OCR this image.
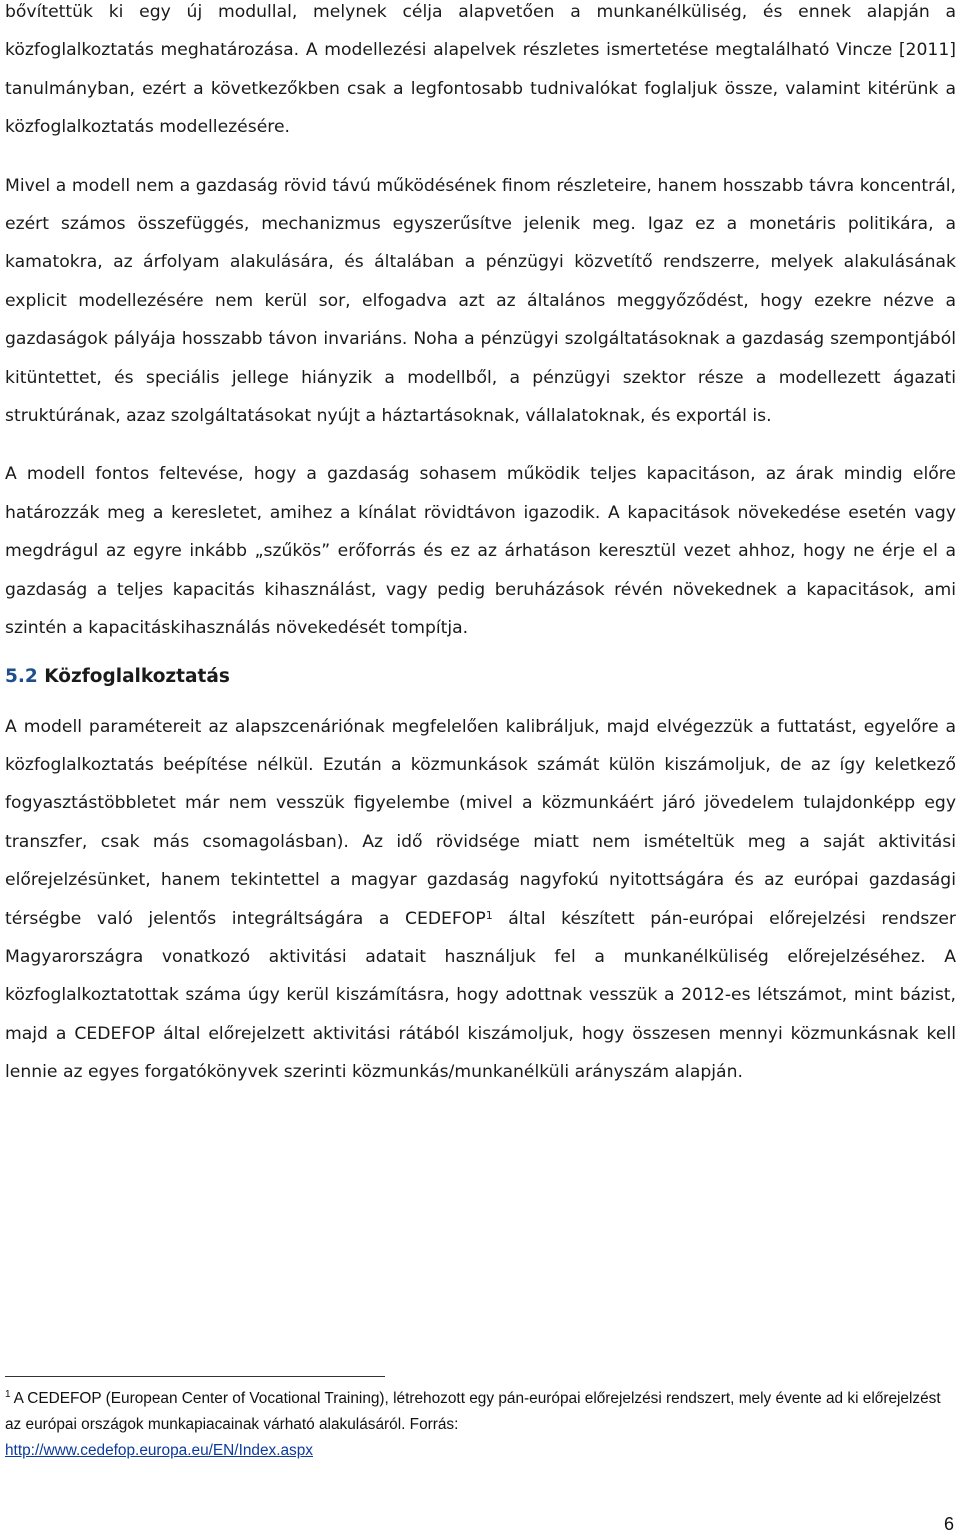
bővítettük ki egy új modullal, melynek célja alapvetően a munkanélküliség, és ennek alapján a közfoglalkoztatás meghatározása. A modellezési alapelvek részletes ismertetése megtalálható Vincze [2011] tanulmányban, ezért a következőkben csak a legfontosabb tudnivalókat foglaljuk össze, valamint kitérünk a közfoglalkoztatás modellezésére.

Mivel a modell nem a gazdaság rövid távú működésének finom részleteire, hanem hosszabb távra koncentrál, ezért számos összefüggés, mechanizmus egyszerűsítve jelenik meg. Igaz ez a monetáris politikára, a kamatokra, az árfolyam alakulására, és általában a pénzügyi közvetítő rendszerre, melyek alakulásának explicit modellezésére nem kerül sor, elfogadva azt az általános meggyőződést, hogy ezekre nézve a gazdaságok pályája hosszabb távon invariáns. Noha a pénzügyi szolgáltatásoknak a gazdaság szempontjából kitüntettet, és speciális jellege hiányzik a modellből, a pénzügyi szektor része a modellezett ágazati struktúrának, azaz szolgáltatásokat nyújt a háztartásoknak, vállalatoknak, és exportál is.

A modell fontos feltevése, hogy a gazdaság sohasem működik teljes kapacitáson, az árak mindig előre határozzák meg a keresletet, amihez a kínálat rövidtávon igazodik. A kapacitások növekedése esetén vagy megdrágul az egyre inkább „szűkös” erőforrás és ez az árhatáson keresztül vezet ahhoz, hogy ne érje el a gazdaság a teljes kapacitás kihasználást, vagy pedig beruházások révén növekednek a kapacitások, ami szintén a kapacitáskihasználás növekedését tompítja.

5.2 Közfoglalkoztatás

A modell paramétereit az alapszcenáriónak megfelelően kalibráljuk, majd elvégezzük a futtatást, egyelőre a közfoglalkoztatás beépítése nélkül. Ezután a közmunkások számát külön kiszámoljuk, de az így keletkező fogyasztástöbbletet már nem vesszük figyelembe (mivel a közmunkáért járó jövedelem tulajdonképp egy transzfer, csak más csomagolásban). Az idő rövidsége miatt nem ismételtük meg a saját aktivitási előrejelzésünket, hanem tekintettel a magyar gazdaság nagyfokú nyitottságára és az európai gazdasági térségbe való jelentős integráltságára a CEDEFOP$^1$ által készített pán-európai előrejelzési rendszer Magyarországra vonatkozó aktivitási adatait használjuk fel a munkanélküliség előrejelzéséhez. A közfoglalkoztatottak száma úgy kerül kiszámításra, hogy adottnak vesszük a 2012-es létszámot, mint bázist, majd a CEDEFOP által előrejelzett aktivitási rátából kiszámoljuk, hogy összesen mennyi közmunkásnak kell lennie az egyes forgatókönyvek szerinti közmunkás/munkanélküli arányszám alapján.

$^1$ A CEDEFOP (European Center of Vocational Training), létrehozott egy pán-európai előrejelzési rendszert, mely évente ad ki előrejelzést az európai országok munkapiacainak várható alakulásáról. Forrás:
http://www.cedefop.europa.eu/EN/Index.aspx
6
